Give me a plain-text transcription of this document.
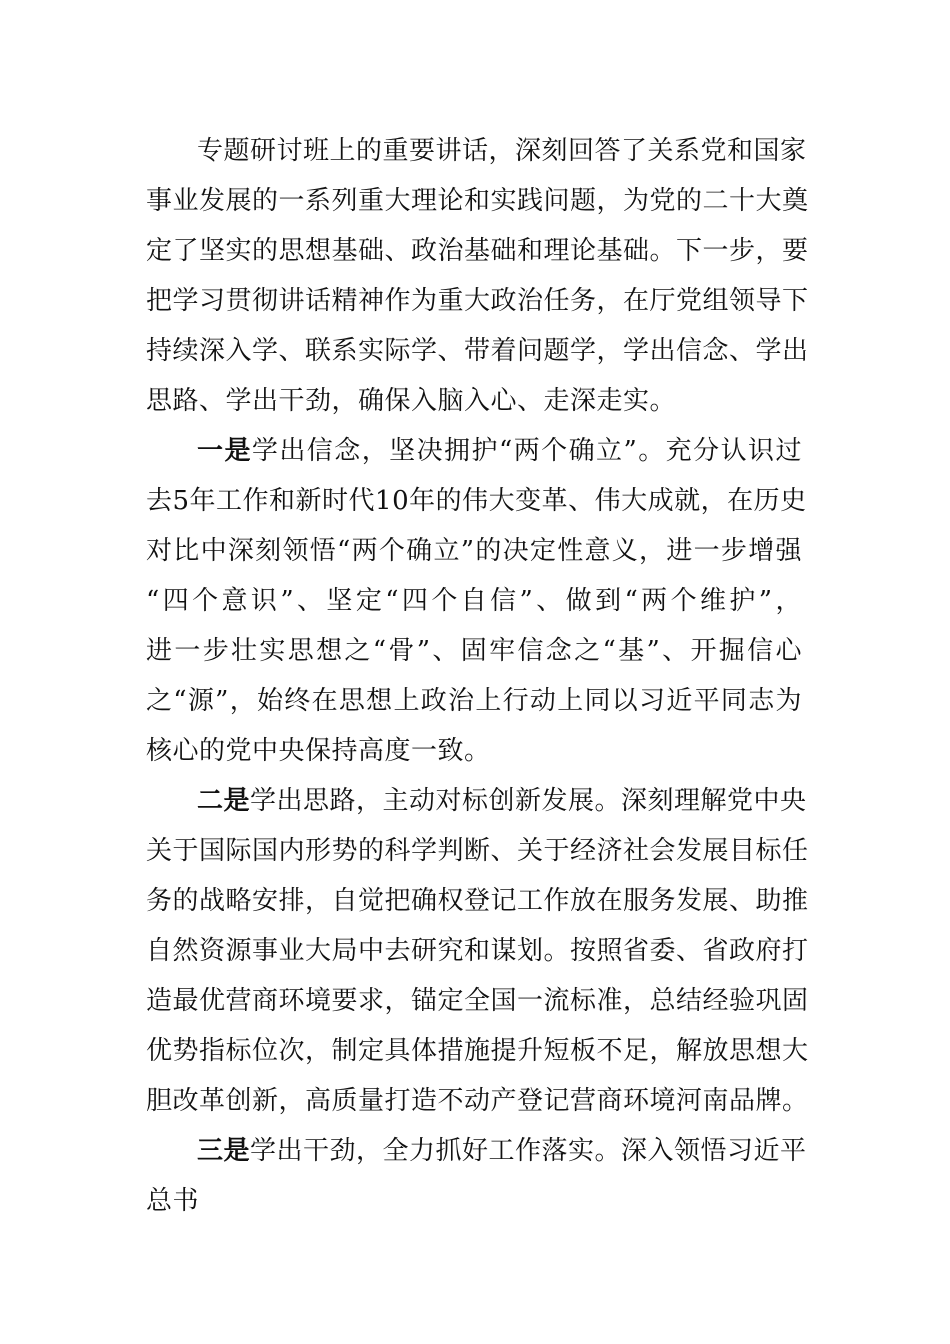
专题研讨班上的重要讲话，深刻回答了关系党和国家
事业发展的一系列重大理论和实践问题，为党的二十大奠
定了坚实的思想基础、政治基础和理论基础。下一步，要
把学习贯彻讲话精神作为重大政治任务，在厅党组领导下
持续深入学、联系实际学、带着问题学，学出信念、学出
思路、学出干劲，确保入脑入心、走深走实。
一是学出信念，坚决拥护“两个确立”。充分认识过
去5年工作和新时代10年的伟大变革、伟大成就，在历史
对比中深刻领悟“两个确立”的决定性意义，进一步增强
“四个意识”、坚定“四个自信”、做到“两个维护”，
进一步壮实思想之“骨”、固牢信念之“基”、开掘信心
之“源”，始终在思想上政治上行动上同以习近平同志为
核心的党中央保持高度一致。
二是学出思路，主动对标创新发展。深刻理解党中央
关于国际国内形势的科学判断、关于经济社会发展目标任
务的战略安排，自觉把确权登记工作放在服务发展、助推
自然资源事业大局中去研究和谋划。按照省委、省政府打
造最优营商环境要求，锚定全国一流标准，总结经验巩固
优势指标位次，制定具体措施提升短板不足，解放思想大
胆改革创新，高质量打造不动产登记营商环境河南品牌。
三是学出干劲，全力抓好工作落实。深入领悟习近平
总书
